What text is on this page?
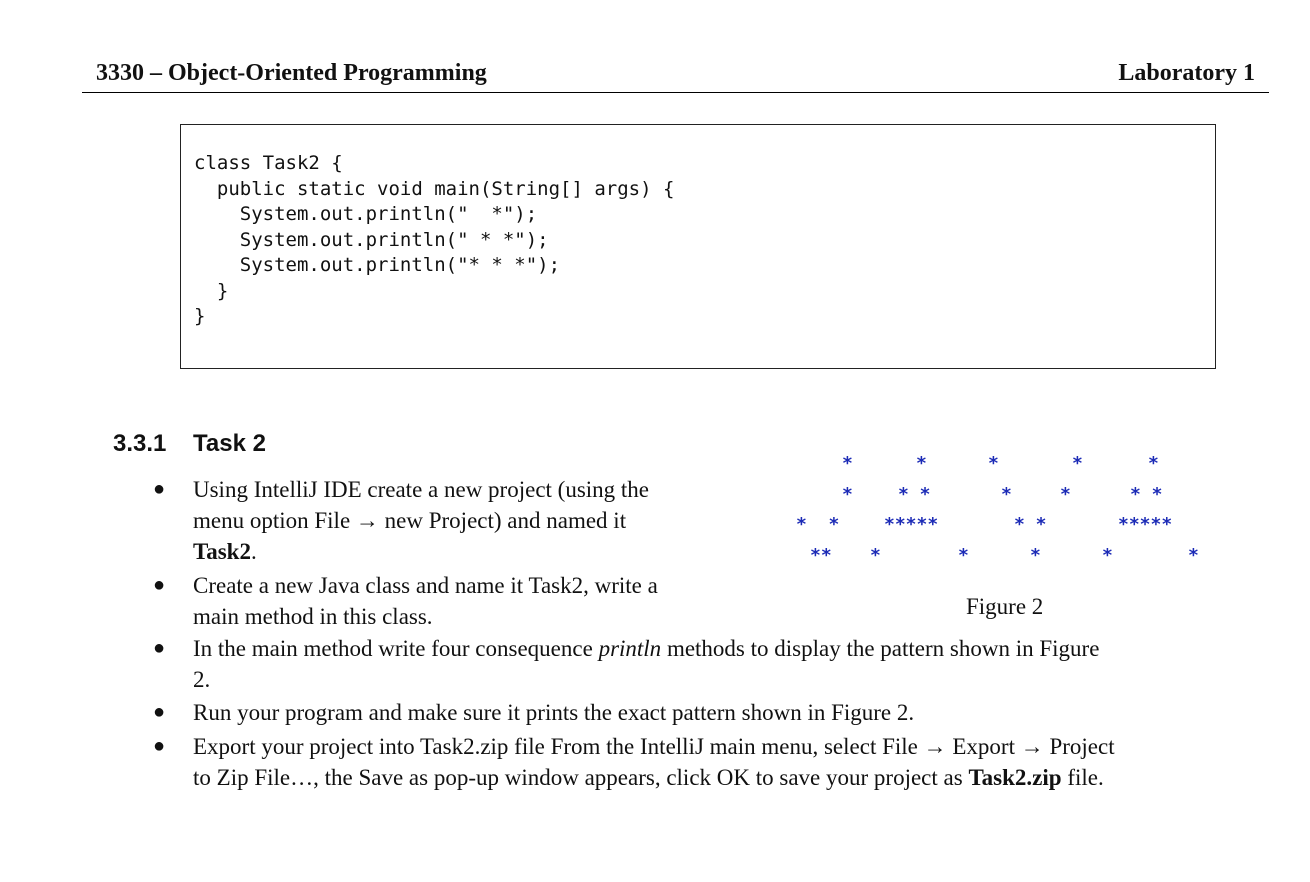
3330 – Object-Oriented Programming	Laboratory 1
class Task2 {
public static void main(String[] args) {
System.out.println("  *");
System.out.println(" * *");
System.out.println("* * *");
}
}
3.3.1 Task 2
● Using IntelliJ IDE create a new project (using the
menu option File → new Project) and named it
Task2.
● Create a new Java class and name it Task2, write a
main method in this class.
● In the main method write four consequence println methods to display the pattern shown in Figure
2.
● Run your program and make sure it prints the exact pattern shown in Figure 2.
● Export your project into Task2.zip file From the IntelliJ main menu, select File → Export → Project
to Zip File…, the Save as pop-up window appears, click OK to save your project as Task2.zip file.
*	*	*	*	*
*	* *	*	*	* *
*  * *****	* *	*****
** *	*	*	*	*
Figure 2
